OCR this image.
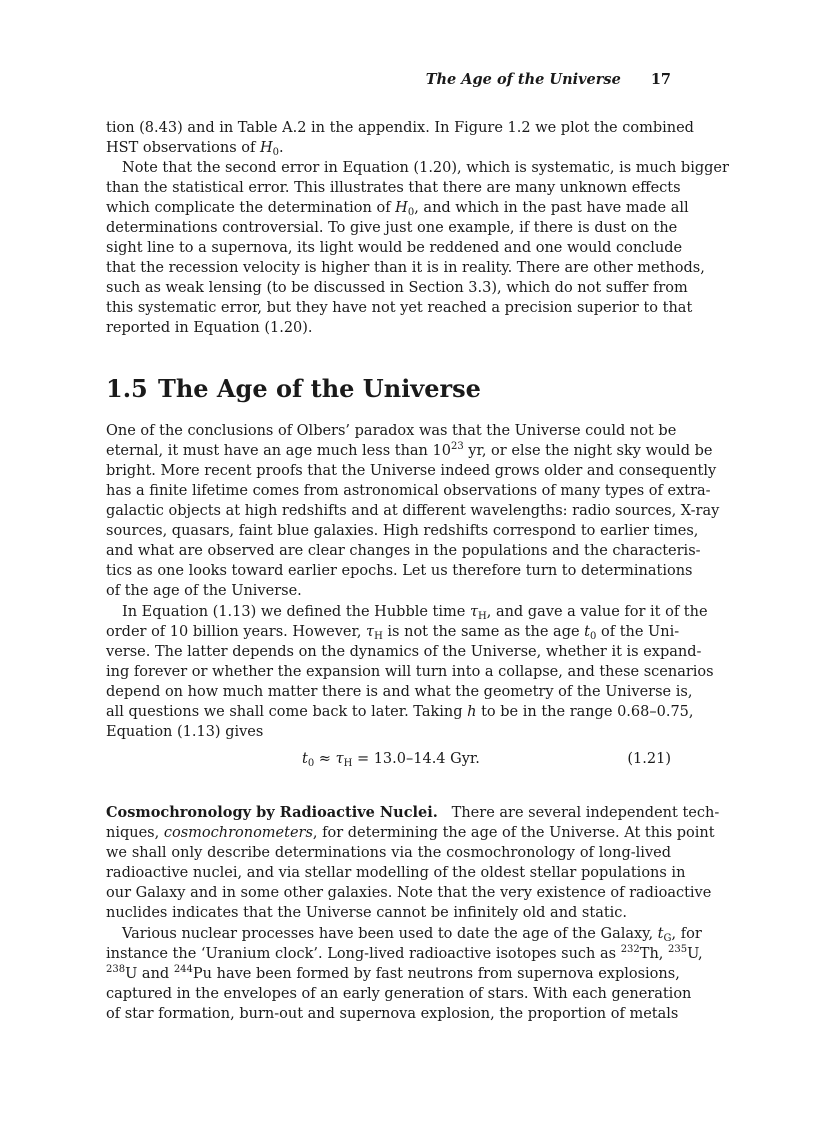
The Age of the Universe 17
tion (8.43) and in Table A.2 in the appendix. In Figure 1.2 we plot the combined
HST observations of $H_0$.
Note that the second error in Equation (1.20), which is systematic, is much bigger
than the statistical error. This illustrates that there are many unknown effects
which complicate the determination of $H_0$, and which in the past have made all
determinations controversial. To give just one example, if there is dust on the
sight line to a supernova, its light would be reddened and one would conclude
that the recession velocity is higher than it is in reality. There are other methods,
such as weak lensing (to be discussed in Section 3.3), which do not suffer from
this systematic error, but they have not yet reached a precision superior to that
reported in Equation (1.20).
1.5 The Age of the Universe
One of the conclusions of Olbers’ paradox was that the Universe could not be
eternal, it must have an age much less than $10^{23}$ yr, or else the night sky would be
bright. More recent proofs that the Universe indeed grows older and consequently
has a finite lifetime comes from astronomical observations of many types of extra-
galactic objects at high redshifts and at different wavelengths: radio sources, X-ray
sources, quasars, faint blue galaxies. High redshifts correspond to earlier times,
and what are observed are clear changes in the populations and the characteris-
tics as one looks toward earlier epochs. Let us therefore turn to determinations
of the age of the Universe.
In Equation (1.13) we defined the Hubble time $\tau_H$, and gave a value for it of the
order of 10 billion years. However, $\tau_H$ is not the same as the age $t_0$ of the Uni-
verse. The latter depends on the dynamics of the Universe, whether it is expand-
ing forever or whether the expansion will turn into a collapse, and these scenarios
depend on how much matter there is and what the geometry of the Universe is,
all questions we shall come back to later. Taking h to be in the range 0.68–0.75,
Equation (1.13) gives
$t_0 \approx \tau_H = 13.0-14.4$ Gyr.	(1.21)
Cosmochronology by Radioactive Nuclei.   There are several independent tech-
niques, cosmochronometers, for determining the age of the Universe. At this point
we shall only describe determinations via the cosmochronology of long-lived
radioactive nuclei, and via stellar modelling of the oldest stellar populations in
our Galaxy and in some other galaxies. Note that the very existence of radioactive
nuclides indicates that the Universe cannot be infinitely old and static.
Various nuclear processes have been used to date the age of the Galaxy, $t_G$, for
instance the ‘Uranium clock’. Long-lived radioactive isotopes such as $^{232}$Th, $^{235}$U,
$^{238}$U and $^{244}$Pu have been formed by fast neutrons from supernova explosions,
captured in the envelopes of an early generation of stars. With each generation
of star formation, burn-out and supernova explosion, the proportion of metals
